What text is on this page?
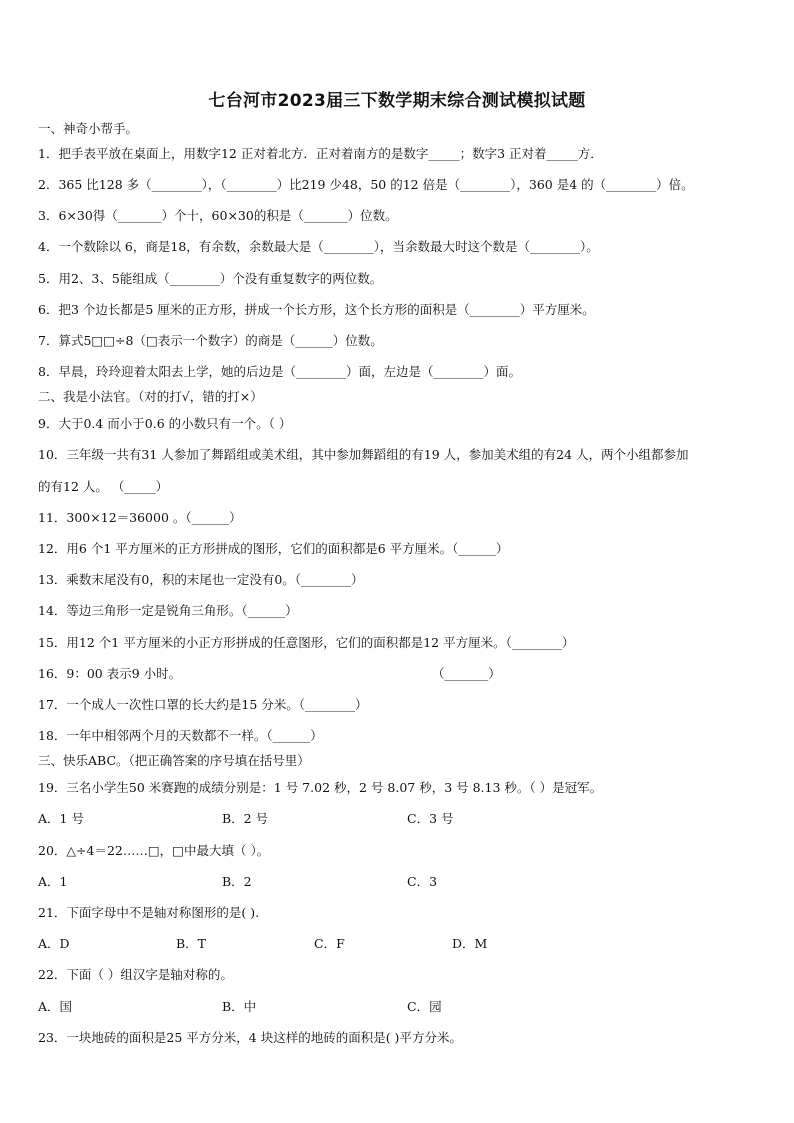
七台河市2023届三下数学期末综合测试模拟试题
一、神奇小帮手。
1．把手表平放在桌面上，用数字12 正对着北方．正对着南方的是数字_____；数字3 正对着_____方．
2．365 比128 多（________），（________）比219 少48，50 的12 倍是（________），360 是4 的（________）倍。
3．6×30得（_______）个十，60×30的积是（_______）位数。
4．一个数除以 6，商是18，有余数，余数最大是（________），当余数最大时这个数是（________）。
5．用2、3、5能组成（________）个没有重复数字的两位数。
6．把3 个边长都是5 厘米的正方形，拼成一个长方形，这个长方形的面积是（________）平方厘米。
7．算式5□□÷8（□表示一个数字）的商是（______）位数。
8．早晨，玲玲迎着太阳去上学，她的后边是（________）面，左边是（________）面。
二、我是小法官。（对的打√，错的打×）
9．大于0.4 而小于0.6 的小数只有一个。（ ）
10．三年级一共有31 人参加了舞蹈组或美术组，其中参加舞蹈组的有19 人，参加美术组的有24 人，两个小组都参加
的有12 人。 （_____）
11．300×12＝36000 。（______）
12．用6 个1 平方厘米的正方形拼成的图形，它们的面积都是6 平方厘米。（______）
13．乘数末尾没有0，积的末尾也一定没有0。（________）
14．等边三角形一定是锐角三角形。（______）
15．用12 个1 平方厘米的小正方形拼成的任意图形，它们的面积都是12 平方厘米。（________）
16．9：00 表示9 小时。	（_______）
17．一个成人一次性口罩的长大约是15 分米。（________）
18．一年中相邻两个月的天数都不一样。（______）
三、快乐ABC。（把正确答案的序号填在括号里）
19．三名小学生50 米赛跑的成绩分别是：1 号 7.02 秒，2 号 8.07 秒，3 号 8.13 秒。（ ）是冠军。
A．1 号	B．2 号	C．3 号
20．△÷4＝22……□，□中最大填（ ）。
A．1	B．2	C．3
21．下面字母中不是轴对称图形的是( ).
A．D	B．T	C．F	D．M
22．下面（ ）组汉字是轴对称的。
A．国	B．中	C．园
23．一块地砖的面积是25 平方分米，4 块这样的地砖的面积是( )平方分米。
